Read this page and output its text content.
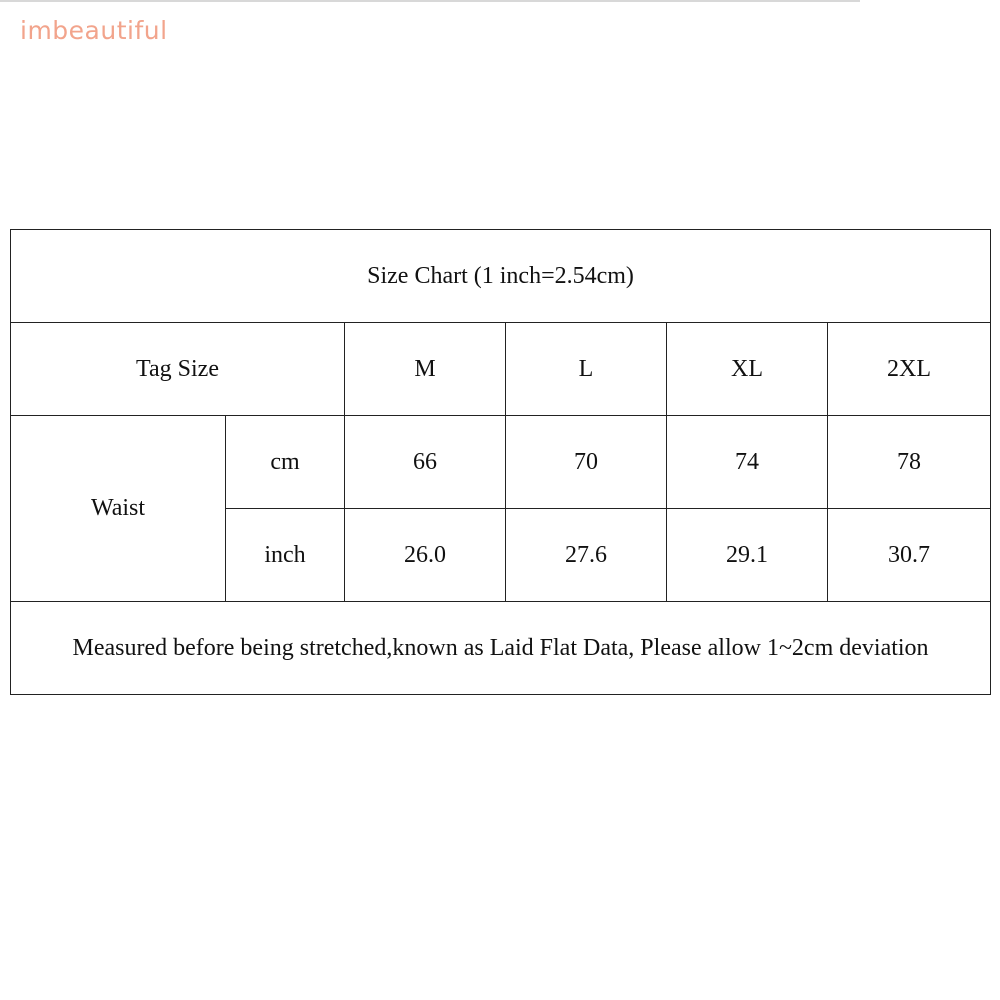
imbeautiful
Size Chart (1 inch=2.54cm)					
Tag Size		M	L	XL	2XL
Waist	cm	66	70	74	78
	inch	26.0	27.6	29.1	30.7
Measured before being stretched,known as Laid Flat Data, Please allow 1~2cm deviation					
